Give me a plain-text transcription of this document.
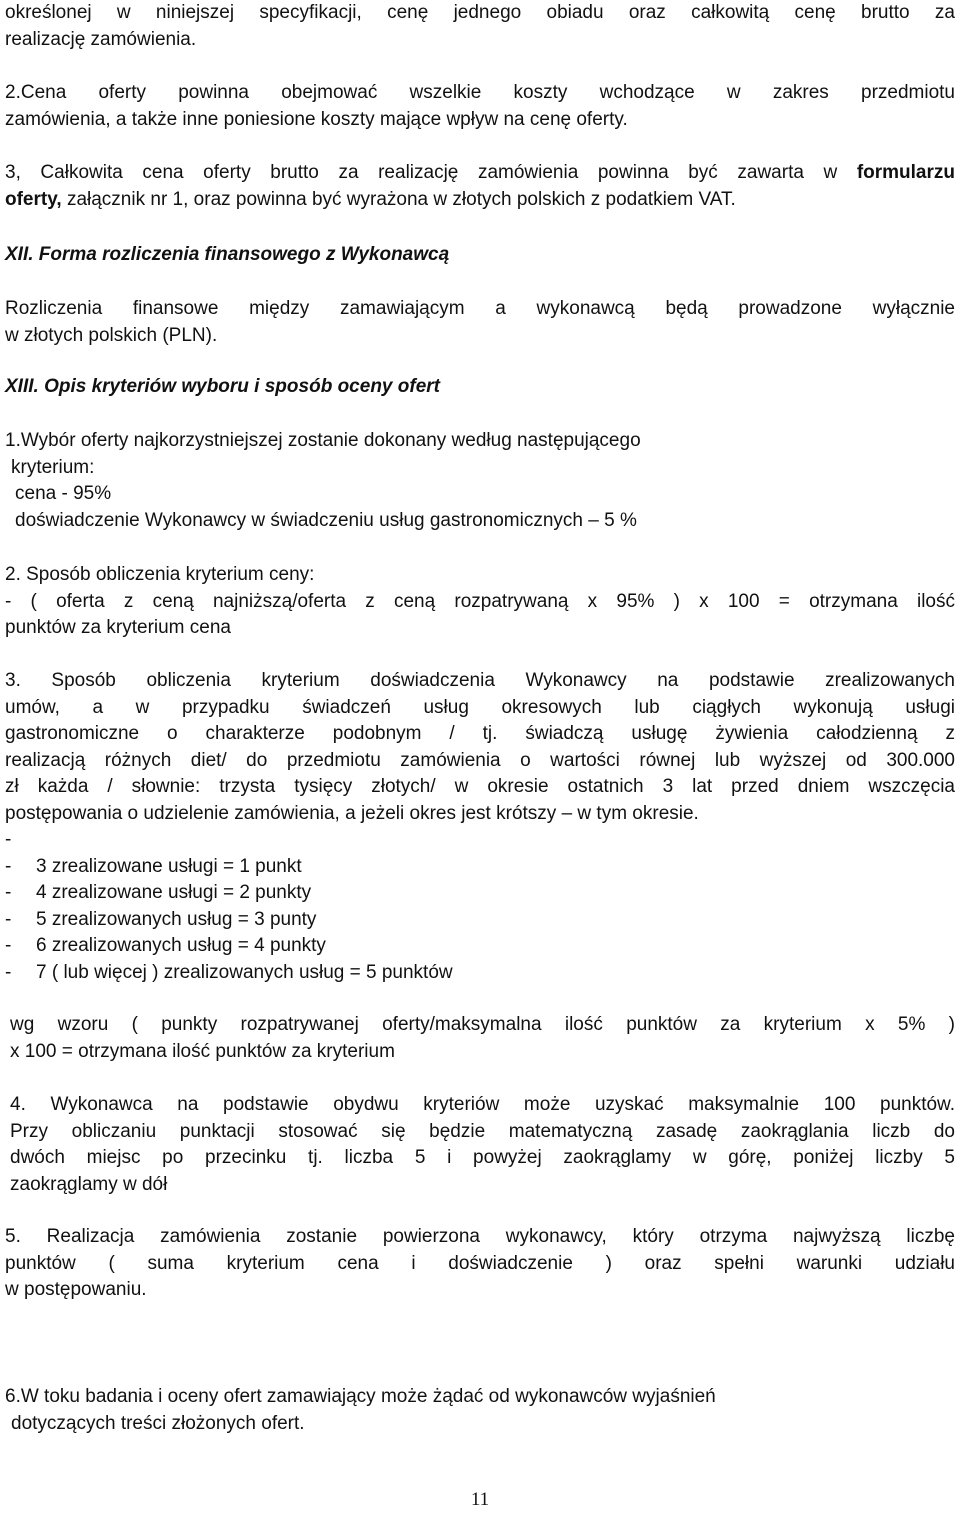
określonej w niniejszej specyfikacji, cenę jednego obiadu oraz całkowitą cenę brutto za
realizację zamówienia.
2.Cena oferty powinna obejmować wszelkie koszty wchodzące w zakres przedmiotu
zamówienia, a także inne poniesione koszty mające wpływ na cenę oferty.
3, Całkowita cena oferty brutto za realizację zamówienia powinna być zawarta w formularzu
oferty, załącznik nr 1, oraz powinna być wyrażona w złotych polskich z podatkiem VAT.
XII. Forma rozliczenia finansowego z Wykonawcą
Rozliczenia finansowe między zamawiającym a wykonawcą będą prowadzone wyłącznie
w złotych polskich (PLN).
XIII. Opis kryteriów wyboru i sposób oceny ofert
1.Wybór oferty najkorzystniejszej zostanie dokonany według następującego
kryterium:
cena - 95%
doświadczenie Wykonawcy w świadczeniu usług gastronomicznych – 5 %
2. Sposób obliczenia kryterium ceny:
- ( oferta z ceną najniższą/oferta z ceną rozpatrywaną x 95% ) x 100 = otrzymana ilość
punktów za kryterium cena
3. Sposób obliczenia kryterium doświadczenia Wykonawcy na podstawie zrealizowanych
umów, a w przypadku świadczeń usług okresowych lub ciągłych wykonują usługi
gastronomiczne o charakterze podobnym / tj. świadczą usługę żywienia całodzienną z
realizacją różnych diet/ do przedmiotu zamówienia o wartości równej lub wyższej od 300.000
zł każda / słownie: trzysta tysięcy złotych/ w okresie ostatnich 3 lat przed dniem wszczęcia
postępowania o udzielenie zamówienia, a jeżeli okres jest krótszy – w tym okresie.
-
- 3 zrealizowane usługi = 1 punkt
- 4 zrealizowane usługi = 2 punkty
- 5 zrealizowanych usług = 3 punty
- 6 zrealizowanych usług = 4 punkty
- 7 ( lub więcej ) zrealizowanych usług = 5 punktów
wg wzoru ( punkty rozpatrywanej oferty/maksymalna ilość punktów za kryterium x 5% )
x 100 = otrzymana ilość punktów za kryterium
4. Wykonawca na podstawie obydwu kryteriów może uzyskać maksymalnie 100 punktów.
Przy obliczaniu punktacji stosować się będzie matematyczną zasadę zaokrąglania liczb do
dwóch miejsc po przecinku tj. liczba 5 i powyżej zaokrąglamy w górę, poniżej liczby 5
zaokrąglamy w dół
5. Realizacja zamówienia zostanie powierzona wykonawcy, który otrzyma najwyższą liczbę
punktów ( suma kryterium cena i doświadczenie ) oraz spełni warunki udziału
w postępowaniu.
6.W toku badania i oceny ofert zamawiający może żądać od wykonawców wyjaśnień
dotyczących treści złożonych ofert.
11
